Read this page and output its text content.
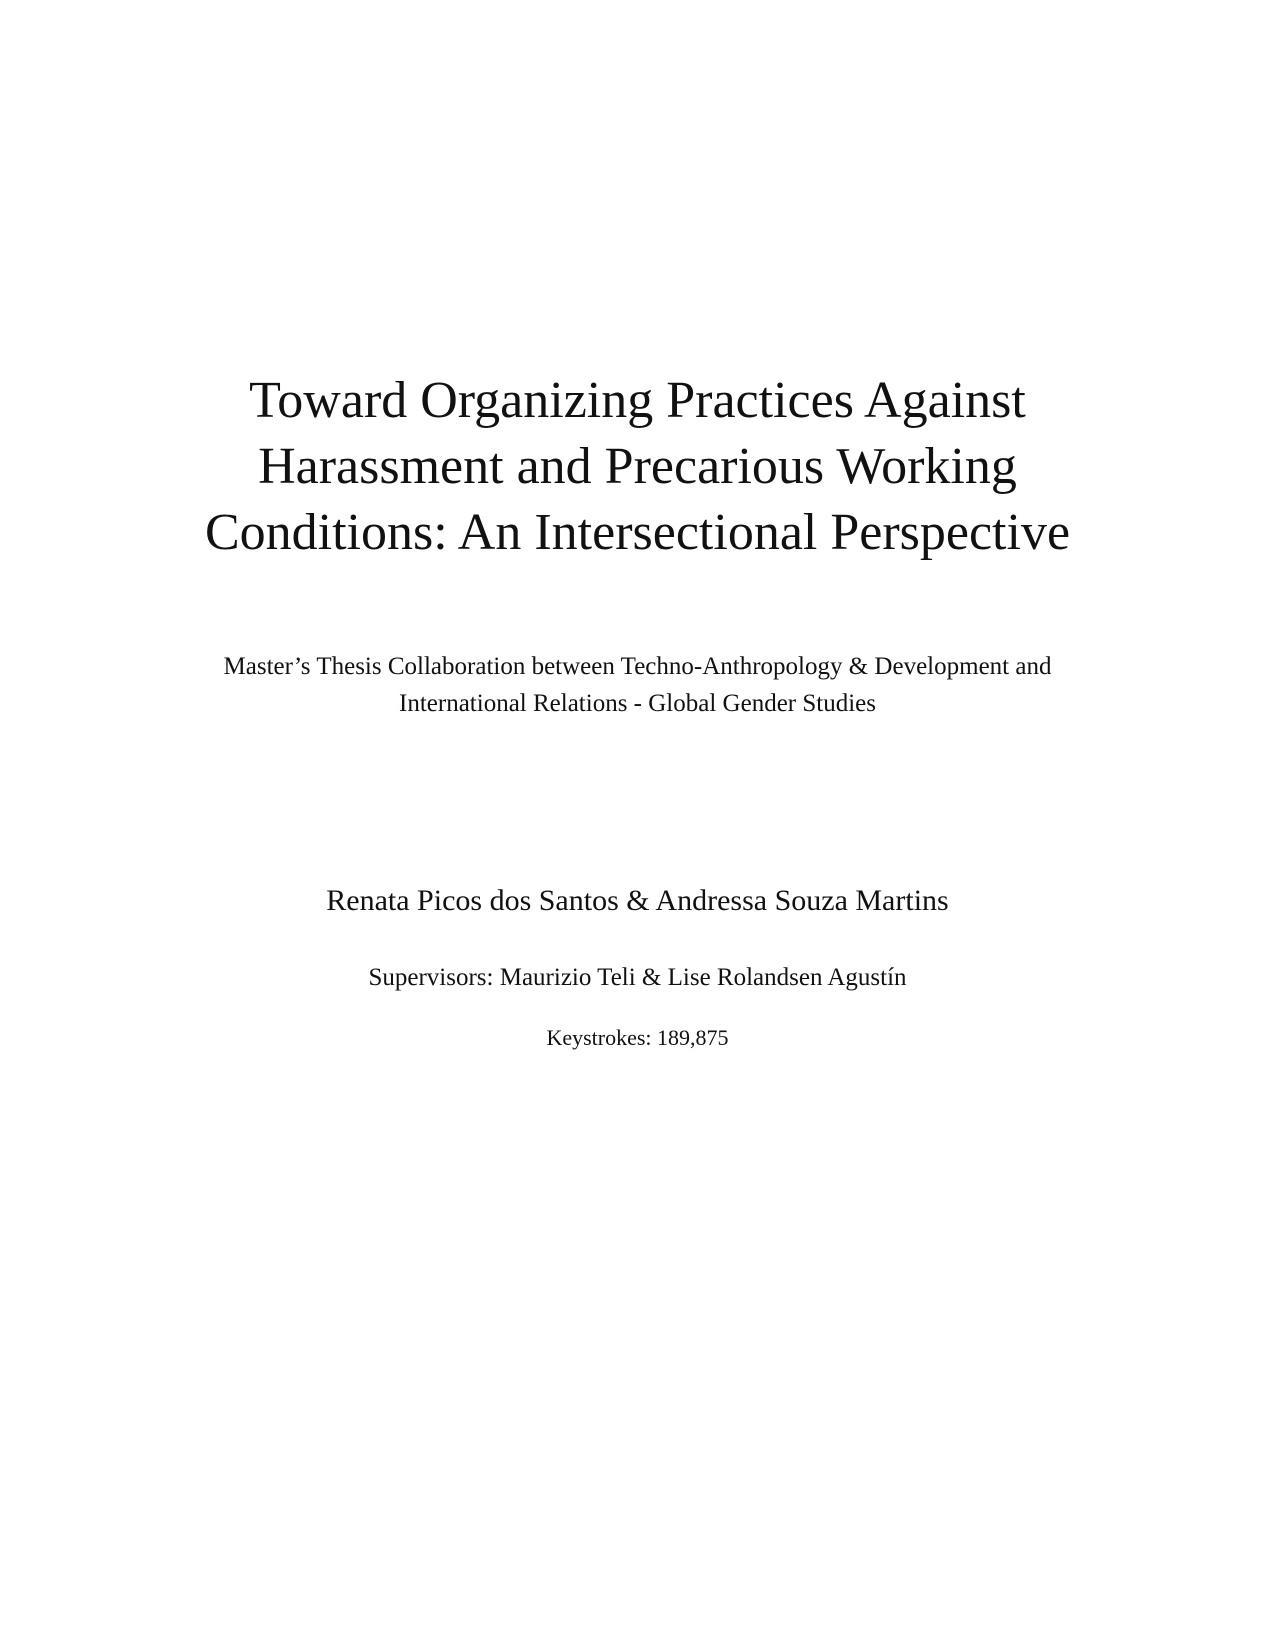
Toward Organizing Practices Against
Harassment and Precarious Working
Conditions: An Intersectional Perspective
Master’s Thesis Collaboration between Techno-Anthropology & Development and
International Relations - Global Gender Studies
Renata Picos dos Santos & Andressa Souza Martins
Supervisors: Maurizio Teli & Lise Rolandsen Agustín
Keystrokes: 189,875
